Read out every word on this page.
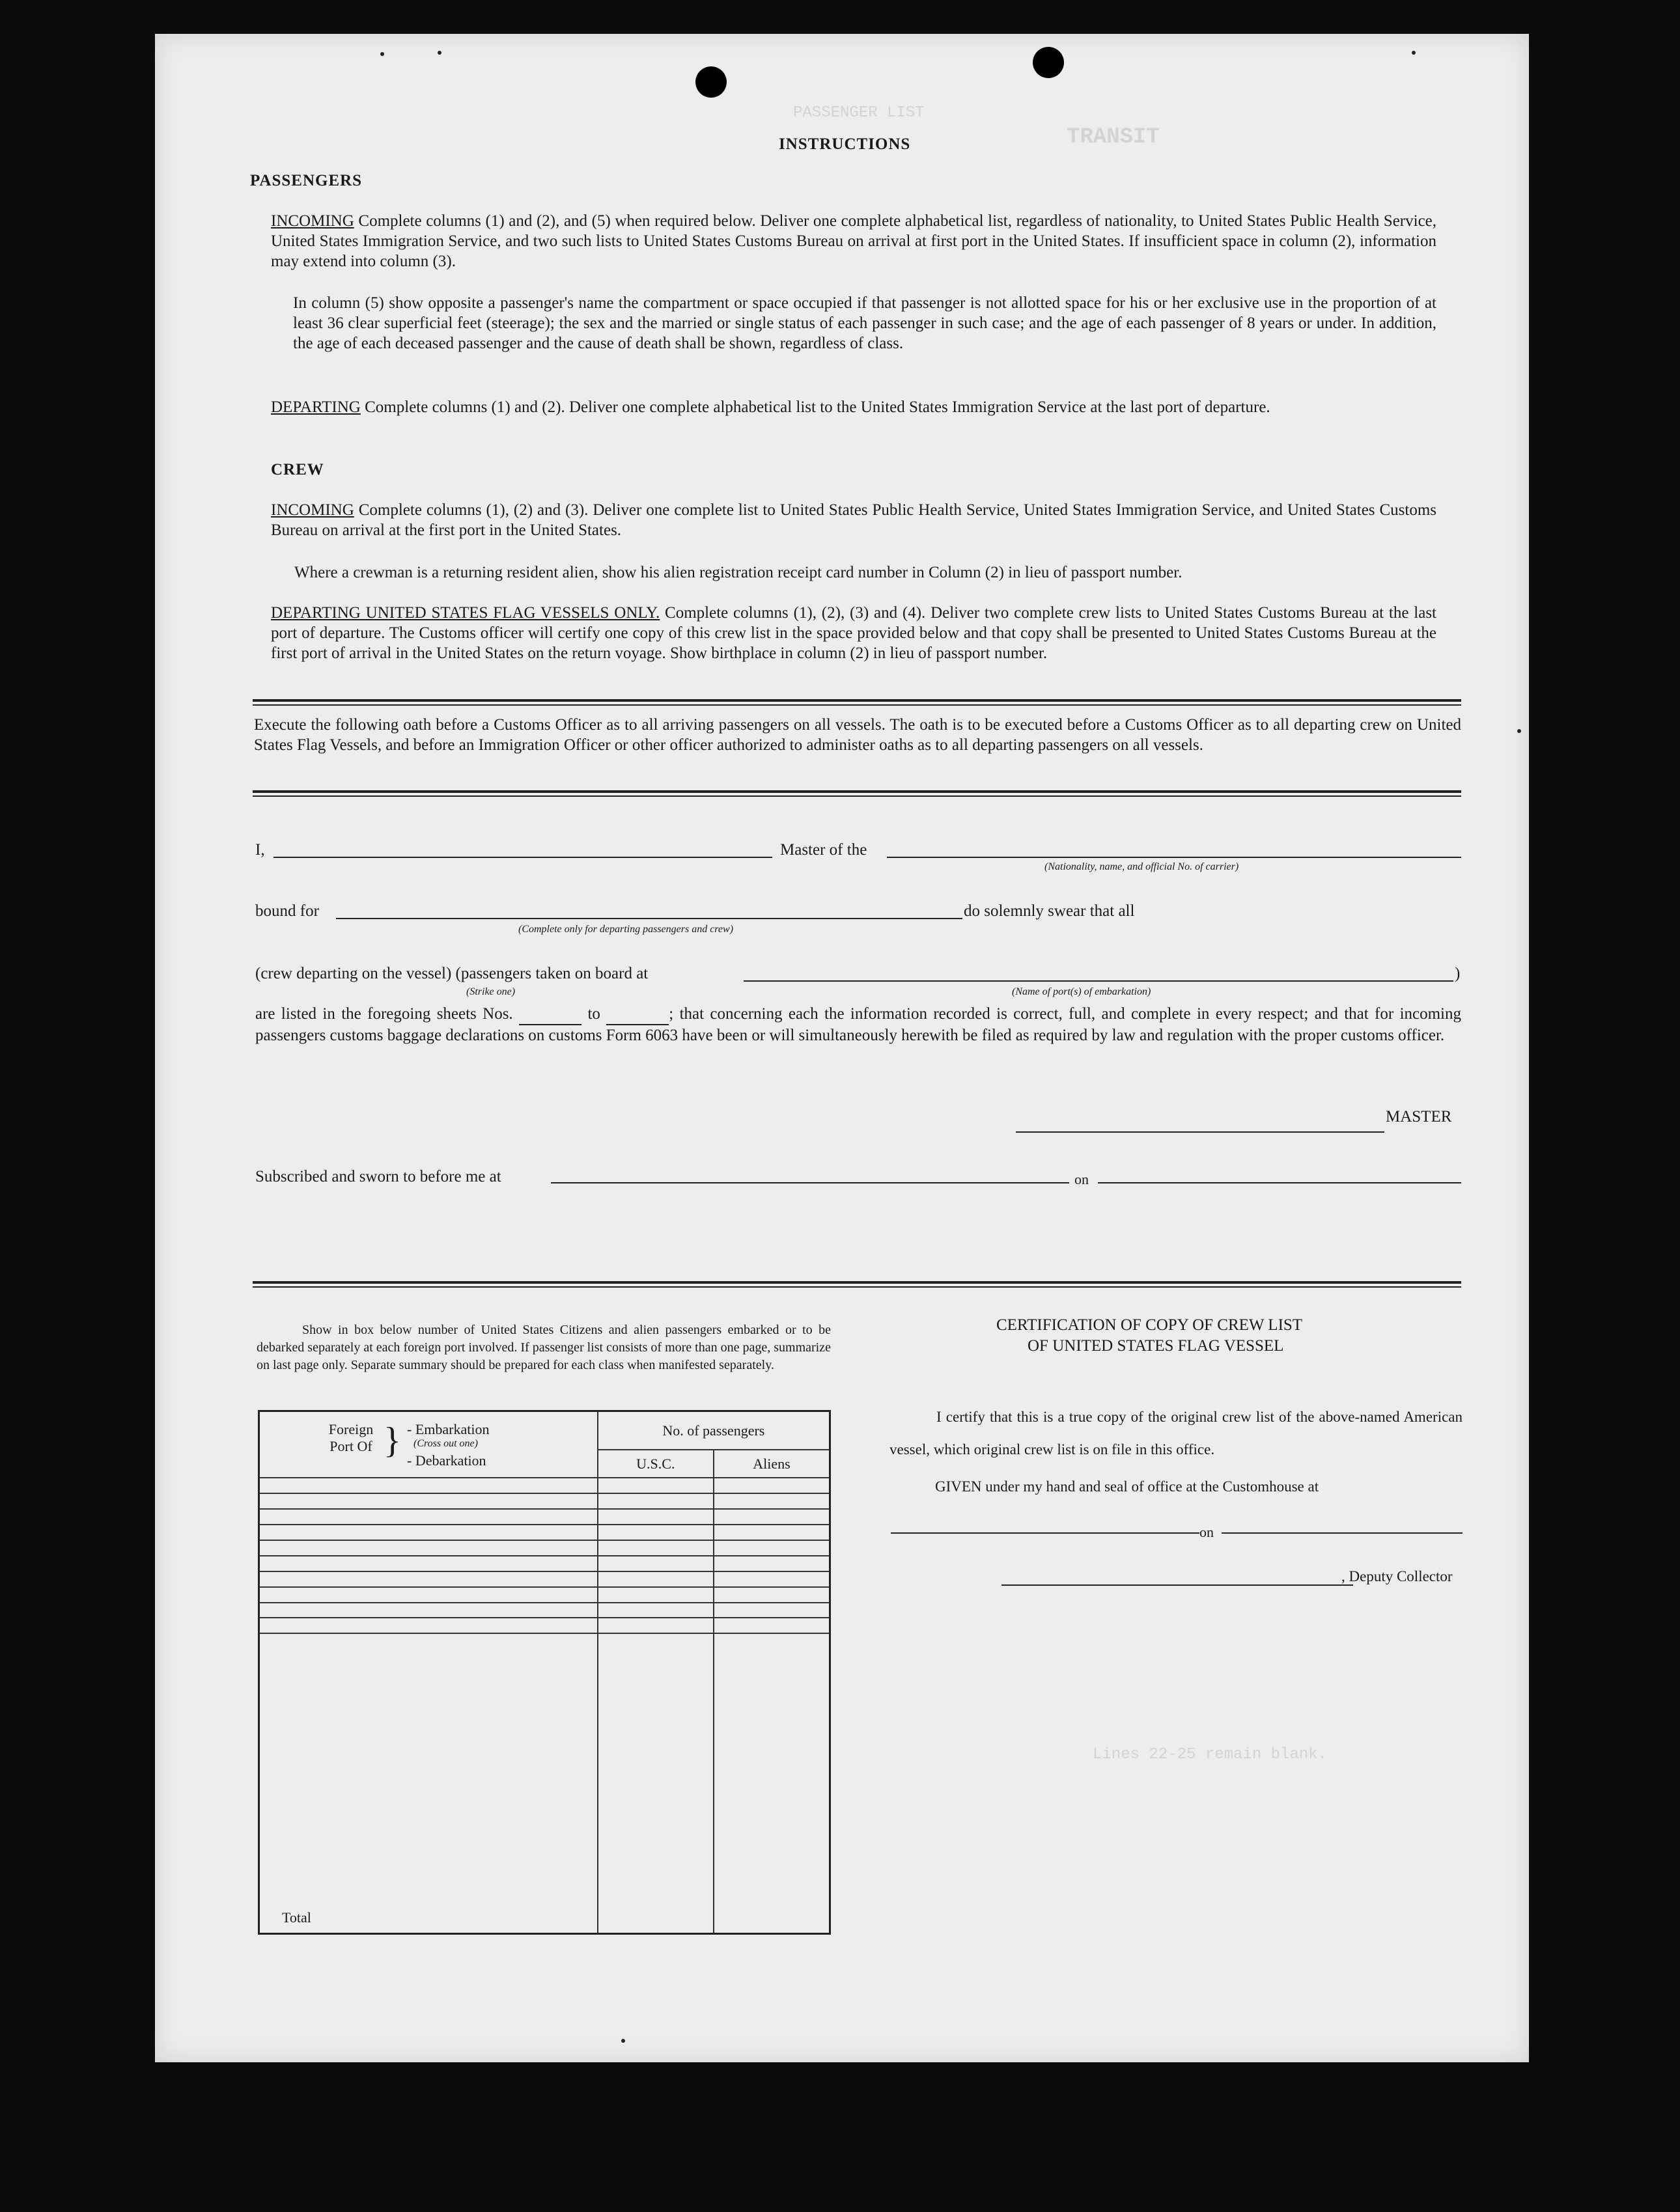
TRANSIT
PASSENGER LIST
Lines 22-25 remain blank.
INSTRUCTIONS
PASSENGERS
INCOMING Complete columns (1) and (2), and (5) when required below. Deliver one complete alphabetical list, regardless of nationality, to United States Public Health Service, United States Immigration Service, and two such lists to United States Customs Bureau on arrival at first port in the United States. If insufficient space in column (2), information may extend into column (3).
In column (5) show opposite a passenger's name the compartment or space occupied if that passenger is not allotted space for his or her exclusive use in the proportion of at least 36 clear superficial feet (steerage); the sex and the married or single status of each passenger in such case; and the age of each passenger of 8 years or under. In addition, the age of each deceased passenger and the cause of death shall be shown, regardless of class.
DEPARTING Complete columns (1) and (2). Deliver one complete alphabetical list to the United States Immigration Service at the last port of departure.
CREW
INCOMING Complete columns (1), (2) and (3). Deliver one complete list to United States Public Health Service, United States Immigration Service, and United States Customs Bureau on arrival at the first port in the United States.
Where a crewman is a returning resident alien, show his alien registration receipt card number in Column (2) in lieu of passport number.
DEPARTING UNITED STATES FLAG VESSELS ONLY. Complete columns (1), (2), (3) and (4). Deliver two complete crew lists to United States Customs Bureau at the last port of departure. The Customs officer will certify one copy of this crew list in the space provided below and that copy shall be presented to United States Customs Bureau at the first port of arrival in the United States on the return voyage. Show birthplace in column (2) in lieu of passport number.
Execute the following oath before a Customs Officer as to all arriving passengers on all vessels. The oath is to be executed before a Customs Officer as to all departing crew on United States Flag Vessels, and before an Immigration Officer or other officer authorized to administer oaths as to all departing passengers on all vessels.
I,	Master of the
(Nationality, name, and official No. of carrier)
bound for	do solemnly swear that all
(Complete only for departing passengers and crew)
(crew departing on the vessel) (passengers taken on board at	)
(Strike one)	(Name of port(s) of embarkation)
are listed in the foregoing sheets Nos.	to	; that concerning each the information recorded is correct, full, and complete in every respect; and that for incoming passengers customs baggage declarations on customs Form 6063 have been or will simultaneously herewith be filed as required by law and regulation with the proper customs officer.
MASTER
Subscribed and sworn to before me at	on
Show in box below number of United States Citizens and alien passengers embarked or to be debarked separately at each foreign port involved. If passenger list consists of more than one page, summarize on last page only. Separate summary should be prepared for each class when manifested separately.
Foreign Port Of } - Embarkation
(Cross out one)
- Debarkation	No. of passengers	
	U.S.C.	Aliens

Total		
CERTIFICATION OF COPY OF CREW LIST
OF UNITED STATES FLAG VESSEL
I certify that this is a true copy of the original crew list of the above-named American vessel, which original crew list is on file in this office.
GIVEN under my hand and seal of office at the Customhouse at
on
, Deputy Collector
